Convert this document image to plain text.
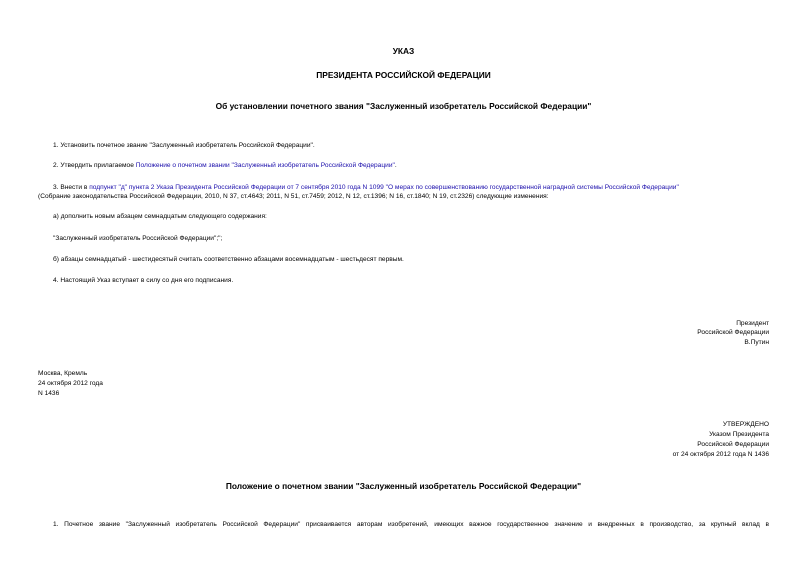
УКАЗ
ПРЕЗИДЕНТА РОССИЙСКОЙ ФЕДЕРАЦИИ
Об установлении почетного звания "Заслуженный изобретатель Российской Федерации"
1. Установить почетное звание "Заслуженный изобретатель Российской Федерации".
2. Утвердить прилагаемое Положение о почетном звании "Заслуженный изобретатель Российской Федерации".
3. Внести в подпункт "д" пункта 2 Указа Президента Российской Федерации от 7 сентября 2010 года N 1099 "О мерах по совершенствованию государственной наградной системы Российской Федерации"
(Собрание законодательства Российской Федерации, 2010, N 37, ст.4643; 2011, N 51, ст.7459; 2012, N 12, ст.1396; N 16, ст.1840; N 19, ст.2326) следующие изменения:
а) дополнить новым абзацем семнадцатым следующего содержания:
"Заслуженный изобретатель Российской Федерации";";
б) абзацы семнадцатый - шестидесятый считать соответственно абзацами восемнадцатым - шестьдесят первым.
4. Настоящий Указ вступает в силу со дня его подписания.
Президент
Российской Федерации
В.Путин
Москва, Кремль
24 октября 2012 года
N 1436
УТВЕРЖДЕНО
Указом Президента
Российской Федерации
от 24 октября 2012 года N 1436
Положение о почетном звании "Заслуженный изобретатель Российской Федерации"
1. Почетное звание "Заслуженный изобретатель Российской Федерации" присваивается авторам изобретений, имеющих важное государственное значение и внедренных в производство, за крупный вклад в
